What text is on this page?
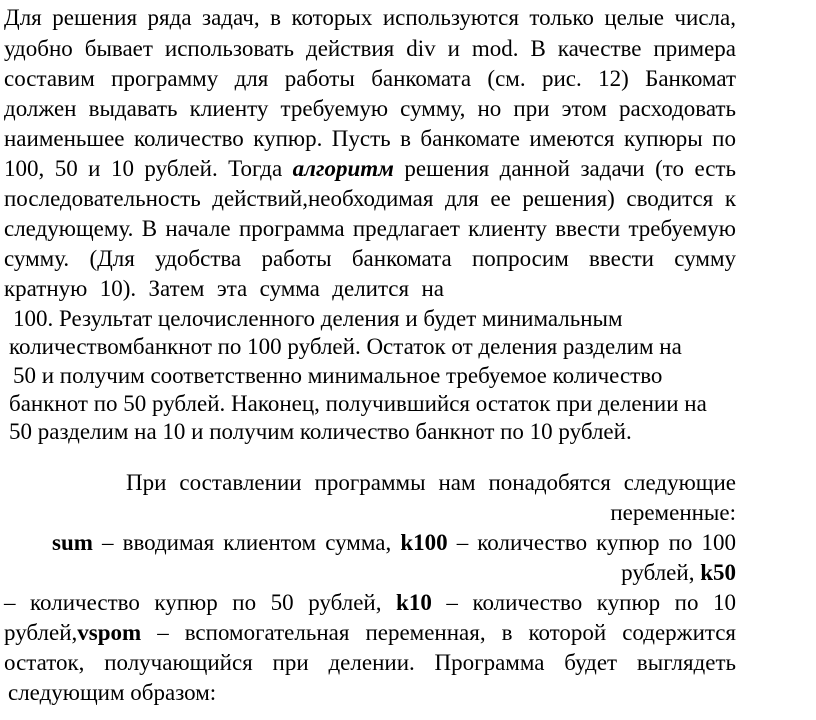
Для решения ряда задач, в которых используются только целые числа,
удобно бывает использовать действия div и mod. В качестве примера
составим программу для работы банкомата (см. рис. 12) Банкомат
должен выдавать клиенту требуемую сумму, но при этом расходовать
наименьшее количество купюр. Пусть в банкомате имеются купюры по
100, 50 и 10 рублей. Тогда алгоритм решения данной задачи (то есть
последовательность действий,необходимая для ее решения) сводится к
следующему. В начале программа предлагает клиенту ввести требуемую
сумму. (Для удобства работы банкомата попросим ввести сумму
кратную 10). Затем эта сумма делится на
100. Результат целочисленного деления и будет минимальным
количествомбанкнот по 100 рублей. Остаток от деления разделим на
50 и получим соответственно минимальное требуемое количество
банкнот по 50 рублей. Наконец, получившийся остаток при делении на
50 разделим на 10 и получим количество банкнот по 10 рублей.
При составлении программы нам понадобятся следующие
переменные:
sum – вводимая клиентом сумма, k100 – количество купюр по 100
рублей, k50
– количество купюр по 50 рублей, k10 – количество купюр по 10
рублей,vspom – вспомогательная переменная, в которой содержится
остаток, получающийся при делении. Программа будет выглядеть
следующим образом:
